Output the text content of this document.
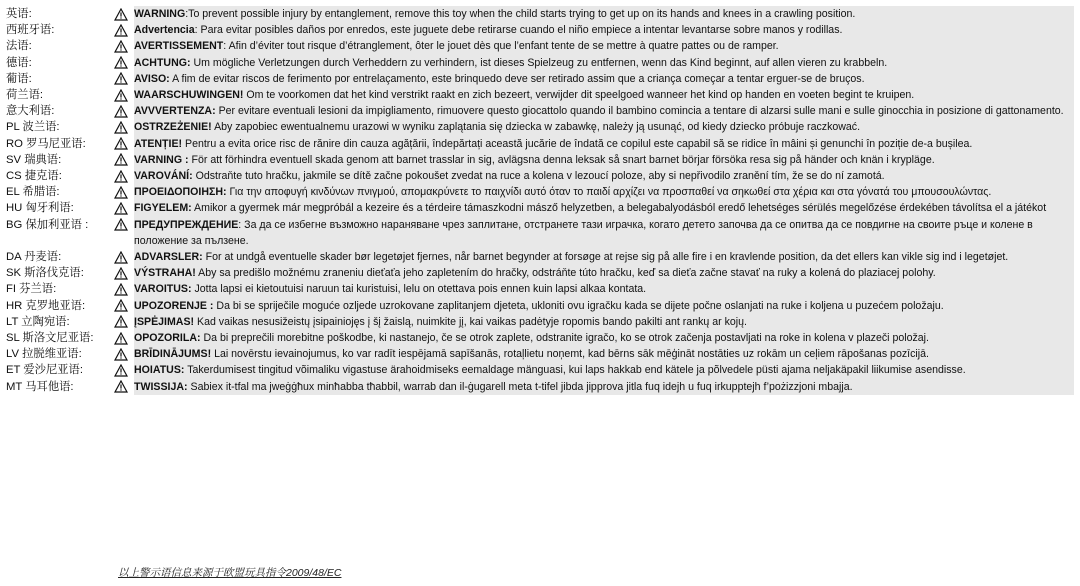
英语:	WARNING:To prevent possible injury by entanglement, remove this toy when the child starts trying to get up on its hands and knees in a crawling position.
西班牙语:	Advertencia: Para evitar posibles daños por enredos, este juguete debe retirarse cuando el niño empiece a intentar levantarse sobre manos y rodillas.
法语:	AVERTISSEMENT: Afin d’éviter tout risque d’étranglement, ôter le jouet dès que l’enfant tente de se mettre à quatre pattes ou de ramper.
德语:	ACHTUNG: Um mögliche Verletzungen durch Verheddern zu verhindern, ist dieses Spielzeug zu entfernen, wenn das Kind beginnt, auf allen vieren zu krabbeln.
葡语:	AVISO: A fim de evitar riscos de ferimento por entrelaçamento, este brinquedo deve ser retirado assim que a criança começar a tentar erguer-se de bruços.
荷兰语:	WAARSCHUWINGEN! Om te voorkomen dat het kind verstrikt raakt en zich bezeert, verwijder dit speelgoed wanneer het kind op handen en voeten begint te kruipen.
意大利语:	AVVVERTENZA: Per evitare eventuali lesioni da impigliamento, rimuovere questo giocattolo quando il bambino comincia a tentare di alzarsi sulle mani e sulle ginocchia in posizione di gattonamento.
PL 波兰语:	OSTRZEŻENIE! Aby zapobiec ewentualnemu urazowi w wyniku zaplątania się dziecka w zabawkę, należy ją usunąć, od kiedy dziecko próbuje raczkować.
RO 罗马尼亚语:	ATENȚIE! Pentru a evita orice risc de rănire din cauza agățării, îndepărtați această jucărie de îndată ce copilul este capabil să se ridice în mâini și genunchi în poziție de-a bușilea.
SV 瑞典语:	VARNING : För att förhindra eventuell skada genom att barnet trasslar in sig, avlägsna denna leksak så snart barnet börjar försöka resa sig på händer och knän i krypläge.
CS 捷克语:	VAROVÁNÍ: Odstraňte tuto hračku, jakmile se dítě začne pokoušet zvedat na ruce a kolena v lezoucí poloze, aby si nepřivodilo zranění tím, že se do ní zamotá.
EL 希腊语:	ΠΡΟΕΙΔΟΠΟΙΗΣΗ: Για την αποφυγή κινδύνων πνιγμού, απομακρύνετε το παιχνίδι αυτό όταν το παιδί αρχίζει να προσπαθεί να σηκωθεί στα χέρια και στα γόνατά του μπουσουλώντας.
HU 匈牙利语:	FIGYELEM: Amikor a gyermek már megpróbál a kezeire és a térdeire támaszkodni másző helyzetben, a belegabalyodásból eredő lehetséges sérülés megelőzése érdekében távolítsa el a játékot
BG 保加利亚语 :	ПРЕДУПРЕЖДЕНИЕ: За да се избегне възможно нараняване чрез заплитане, отстранете тази играчка, когато детето започва да се опитва да се повдигне на своите ръце и колене в положение за пълзене.
DA 丹麦语:	ADVARSLER: For at undgå eventuelle skader bør legetøjet fjernes, når barnet begynder at forsøge at rejse sig på alle fire i en kravlende position, da det ellers kan vikle sig ind i legetøjet.
SK 斯洛伐克语:	VÝSTRAHA! Aby sa predišlo možnému zraneniu dieťaťa jeho zapletením do hračky, odstráňte túto hračku, keď sa dieťa začne stavať na ruky a kolená do plaziacej polohy.
FI 芬兰语:	VAROITUS: Jotta lapsi ei kietoutuisi naruun tai kuristuisi, lelu on otettava pois ennen kuin lapsi alkaa kontata.
HR 克罗地亚语:	UPOZORENJE : Da bi se spriječile moguće ozljede uzrokovane zaplitanjem djeteta, ukloniti ovu igračku kada se dijete počne oslanjati na ruke i koljena u puzećem položaju.
LT 立陶宛语:	ĮSPĖJIMAS! Kad vaikas nesusižeistų įsipainiojęs į šį žaislą, nuimkite jį, kai vaikas padėtyje ropomis bando pakilti ant rankų ar kojų.
SL 斯洛文尼亚语:	OPOZORILA: Da bi preprečili morebitne poškodbe, ki nastanejo, če se otrok zaplete, odstranite igračo, ko se otrok začenja postavljati na roke in kolena v plazeči položaj.
LV 拉脱维亚语:	BRĪDINĀJUMS! Lai novērstu ievainojumus, ko var radīt iespējamā sapīšanās, rotaļlietu noņemt, kad bērns sāk mēģināt nostāties uz rokām un ceļiem rāpošanas pozīcijā.
ET 爱沙尼亚语:	HOIATUS: Takerdumisest tingitud võimaliku vigastuse ärahoidmiseks eemaldage mänguasi, kui laps hakkab end kätele ja põlvedele püsti ajama neljakäpakil liikumise asendisse.
MT 马耳他语:	TWISSIJA: Sabiex it-tfal ma jweġġħux minħabba tħabbil, warrab dan il-ġugarell meta t-tifel jibda jipprova jitla fuq idejh u fuq irkupptejh f’pożizzjoni mbajja.
以上警示语信息来源于欧盟玩具指令2009/48/EC
